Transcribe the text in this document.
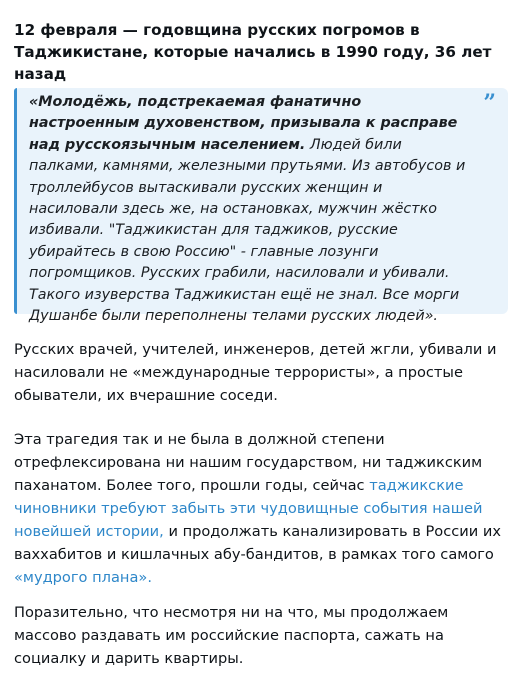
12 февраля — годовщина русских погромов в Таджикистане, которые начались в 1990 году, 36 лет назад

”

«Молодёжь, подстрекаемая фанатично настроенным духовенством, призывала к расправе над русскоязычным населением. Людей били палками, камнями, железными прутьями. Из автобусов и троллейбусов вытаскивали русских женщин и насиловали здесь же, на остановках, мужчин жёстко избивали. "Таджикистан для таджиков, русские убирайтесь в свою Россию" - главные лозунги погромщиков. Русских грабили, насиловали и убивали. Такого изуверства Таджикистан ещё не знал. Все морги Душанбе были переполнены телами русских людей».

Русских врачей, учителей, инженеров, детей жгли, убивали и насиловали не «международные террористы», а простые обыватели, их вчерашние соседи.

Эта трагедия так и не была в должной степени отрефлексирована ни нашим государством, ни таджикским паханатом. Более того, прошли годы, сейчас таджикские чиновники требуют забыть эти чудовищные события нашей новейшей истории, и продолжать канализировать в России их ваххабитов и кишлачных абу-бандитов, в рамках того самого «мудрого плана».

Поразительно, что несмотря ни на что, мы продолжаем массово раздавать им российские паспорта, сажать на социалку и дарить квартиры.
